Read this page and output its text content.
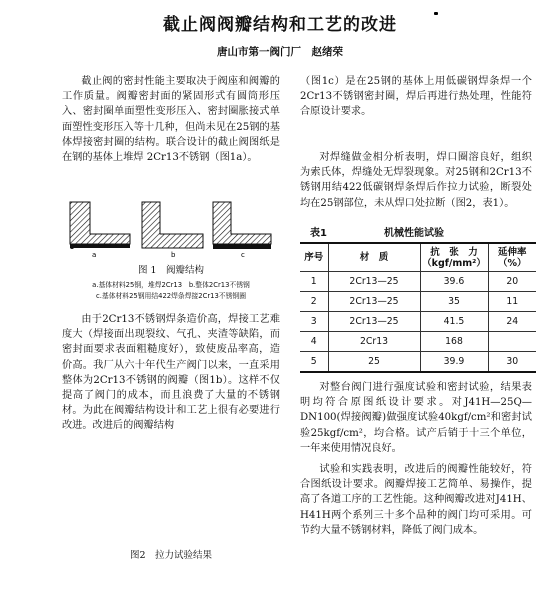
截止阀阀瓣结构和工艺的改进
唐山市第一阀门厂　赵绪荣

截止阀的密封性能主要取决于阀座和阀瓣的工作质量。阀瓣密封面的紧固形式有圆筒形压入、密封圈单面塑性变形压入、密封圈胀接式单面塑性变形压入等十几种，但尚未见在25钢的基体焊接密封圈的结构。联合设计的截止阀图纸是在钢的基体上堆焊 2Cr13不锈钢（图1a）。

a	b	c
图 1　阀瓣结构
a.基体材料25钢，堆焊2Cr13　b.整体2Cr13不锈钢
c.基体材料25钢用结422焊条焊接2Cr13不锈钢圈

由于2Cr13不锈钢焊条造价高，焊接工艺难度大（焊接面出现裂纹、气孔、夹渣等缺陷，而密封面要求表面粗糙度好），致使废品率高，造价高。我厂从六十年代生产阀门以来，一直采用整体为2Cr13不锈钢的阀瓣（图1b）。这样不仅提高了阀门的成本，而且浪费了大量的不锈钢材。为此在阀瓣结构设计和工艺上很有必要进行改进。改进后的阀瓣结构

图2　拉力试验结果

（图1c）是在25钢的基体上用低碳钢焊条焊一个2Cr13不锈钢密封圈，焊后再进行热处理，性能符合原设计要求。

对焊缝做金相分析表明，焊口圈溶良好，组织为索氏体，焊缝处无焊裂现象。对25钢和2Cr13不锈钢用结422低碳钢焊条焊后作拉力试验，断裂处均在25钢部位，未从焊口处拉断（图2，表1）。

表1	机械性能试验
序号	材　质	抗　张　力
（kgf/mm²）	延伸率
（%）
1	2Cr13—25	39.6	20
2	2Cr13—25	35	11
3	2Cr13—25	41.5	24
4	2Cr13	168	
5	25	39.9	30

对整台阀门进行强度试验和密封试验，结果表明均符合原图纸设计要求。对J41H—25Q—DN100(焊接阀瓣)做强度试验40kgf/cm²和密封试验25kgf/cm²，均合格。试产后销于十三个单位，一年来使用情况良好。

试验和实践表明，改进后的阀瓣性能较好，符合图纸设计要求。阀瓣焊接工艺简单、易操作，提高了各道工序的工艺性能。这种阀瓣改进对J41H、H41H两个系列三十多个品种的阀门均可采用。可节约大量不锈钢材料，降低了阀门成本。
